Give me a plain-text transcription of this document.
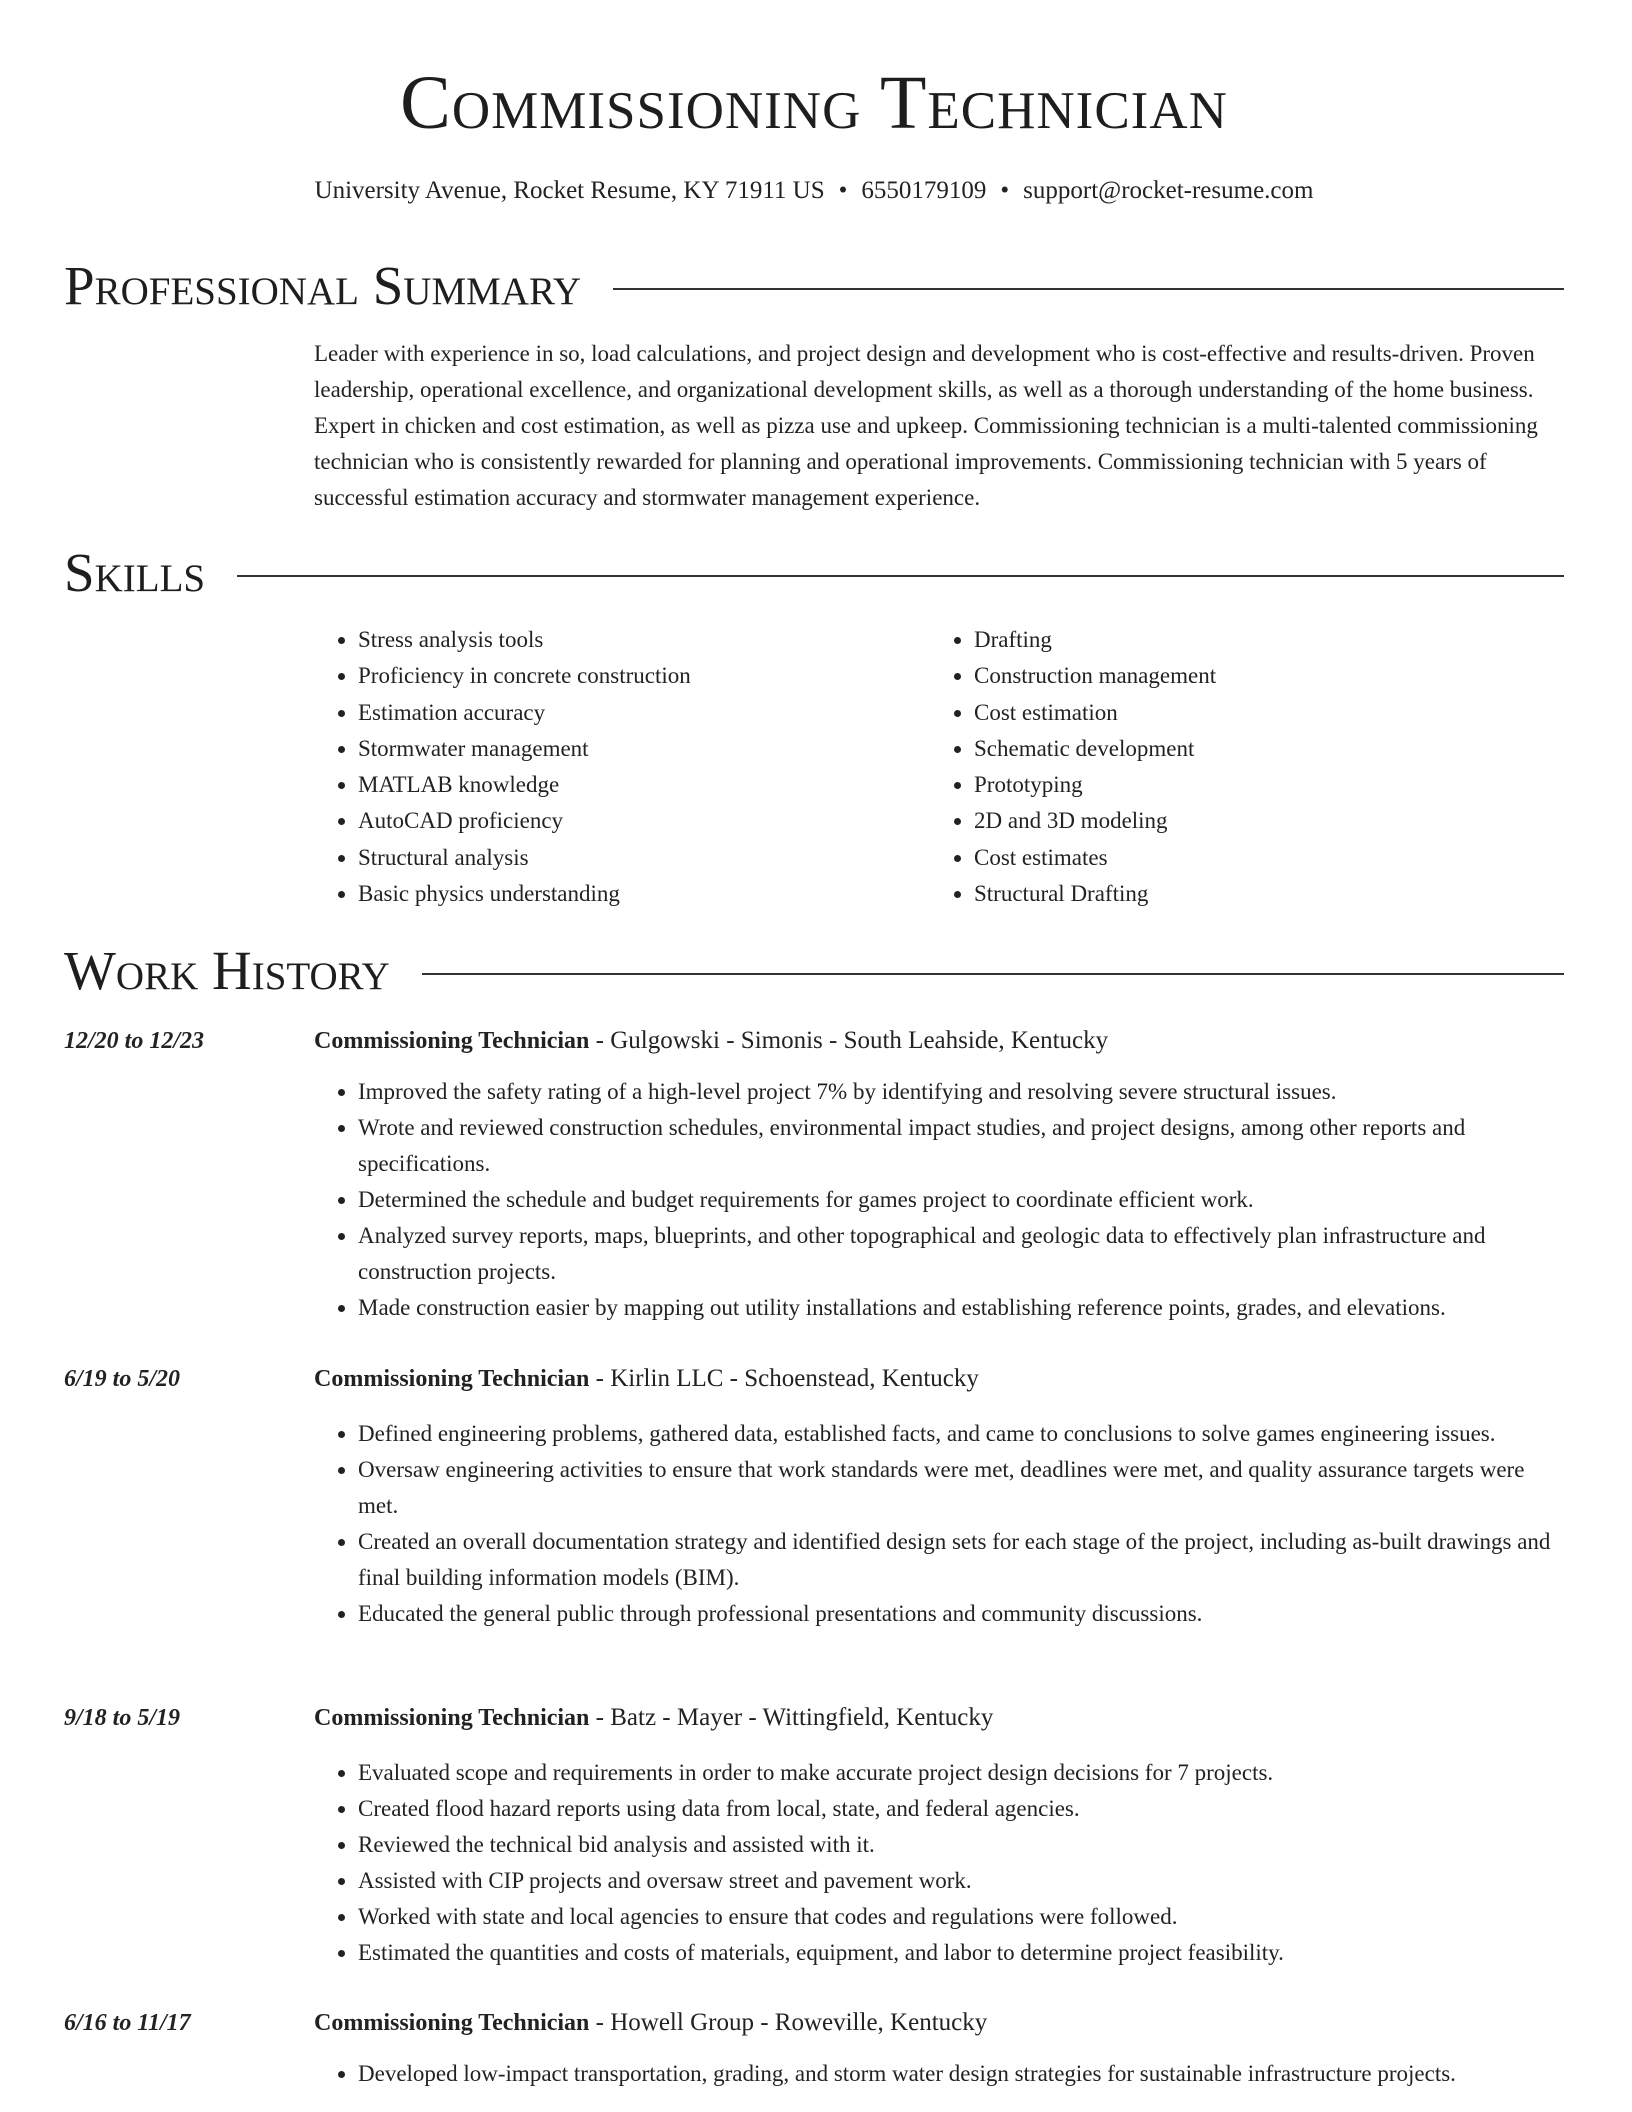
Commissioning Technician
University Avenue, Rocket Resume, KY 71911 US • 6550179109 • support@rocket-resume.com
Professional Summary

Leader with experience in so, load calculations, and project design and development who is cost-effective and results-driven. Proven leadership, operational excellence, and organizational development skills, as well as a thorough understanding of the home business. Expert in chicken and cost estimation, as well as pizza use and upkeep. Commissioning technician is a multi-talented commissioning technician who is consistently rewarded for planning and operational improvements. Commissioning technician with 5 years of successful estimation accuracy and stormwater management experience.

Skills
• Stress analysis tools
• Proficiency in concrete construction
• Estimation accuracy
• Stormwater management
• MATLAB knowledge
• AutoCAD proficiency
• Structural analysis
• Basic physics understanding
• Drafting
• Construction management
• Cost estimation
• Schematic development
• Prototyping
• 2D and 3D modeling
• Cost estimates
• Structural Drafting
Work History
12/20 to 12/23	Commissioning Technician - Gulgowski - Simonis - South Leahside, Kentucky
• Improved the safety rating of a high-level project 7% by identifying and resolving severe structural issues.
• Wrote and reviewed construction schedules, environmental impact studies, and project designs, among other reports and specifications.
• Determined the schedule and budget requirements for games project to coordinate efficient work.
• Analyzed survey reports, maps, blueprints, and other topographical and geologic data to effectively plan infrastructure and construction projects.
• Made construction easier by mapping out utility installations and establishing reference points, grades, and elevations.
6/19 to 5/20	Commissioning Technician - Kirlin LLC - Schoenstead, Kentucky
• Defined engineering problems, gathered data, established facts, and came to conclusions to solve games engineering issues.
• Oversaw engineering activities to ensure that work standards were met, deadlines were met, and quality assurance targets were met.
• Created an overall documentation strategy and identified design sets for each stage of the project, including as-built drawings and final building information models (BIM).
• Educated the general public through professional presentations and community discussions.
9/18 to 5/19	Commissioning Technician - Batz - Mayer - Wittingfield, Kentucky
• Evaluated scope and requirements in order to make accurate project design decisions for 7 projects.
• Created flood hazard reports using data from local, state, and federal agencies.
• Reviewed the technical bid analysis and assisted with it.
• Assisted with CIP projects and oversaw street and pavement work.
• Worked with state and local agencies to ensure that codes and regulations were followed.
• Estimated the quantities and costs of materials, equipment, and labor to determine project feasibility.
6/16 to 11/17	Commissioning Technician - Howell Group - Roweville, Kentucky
• Developed low-impact transportation, grading, and storm water design strategies for sustainable infrastructure projects.
